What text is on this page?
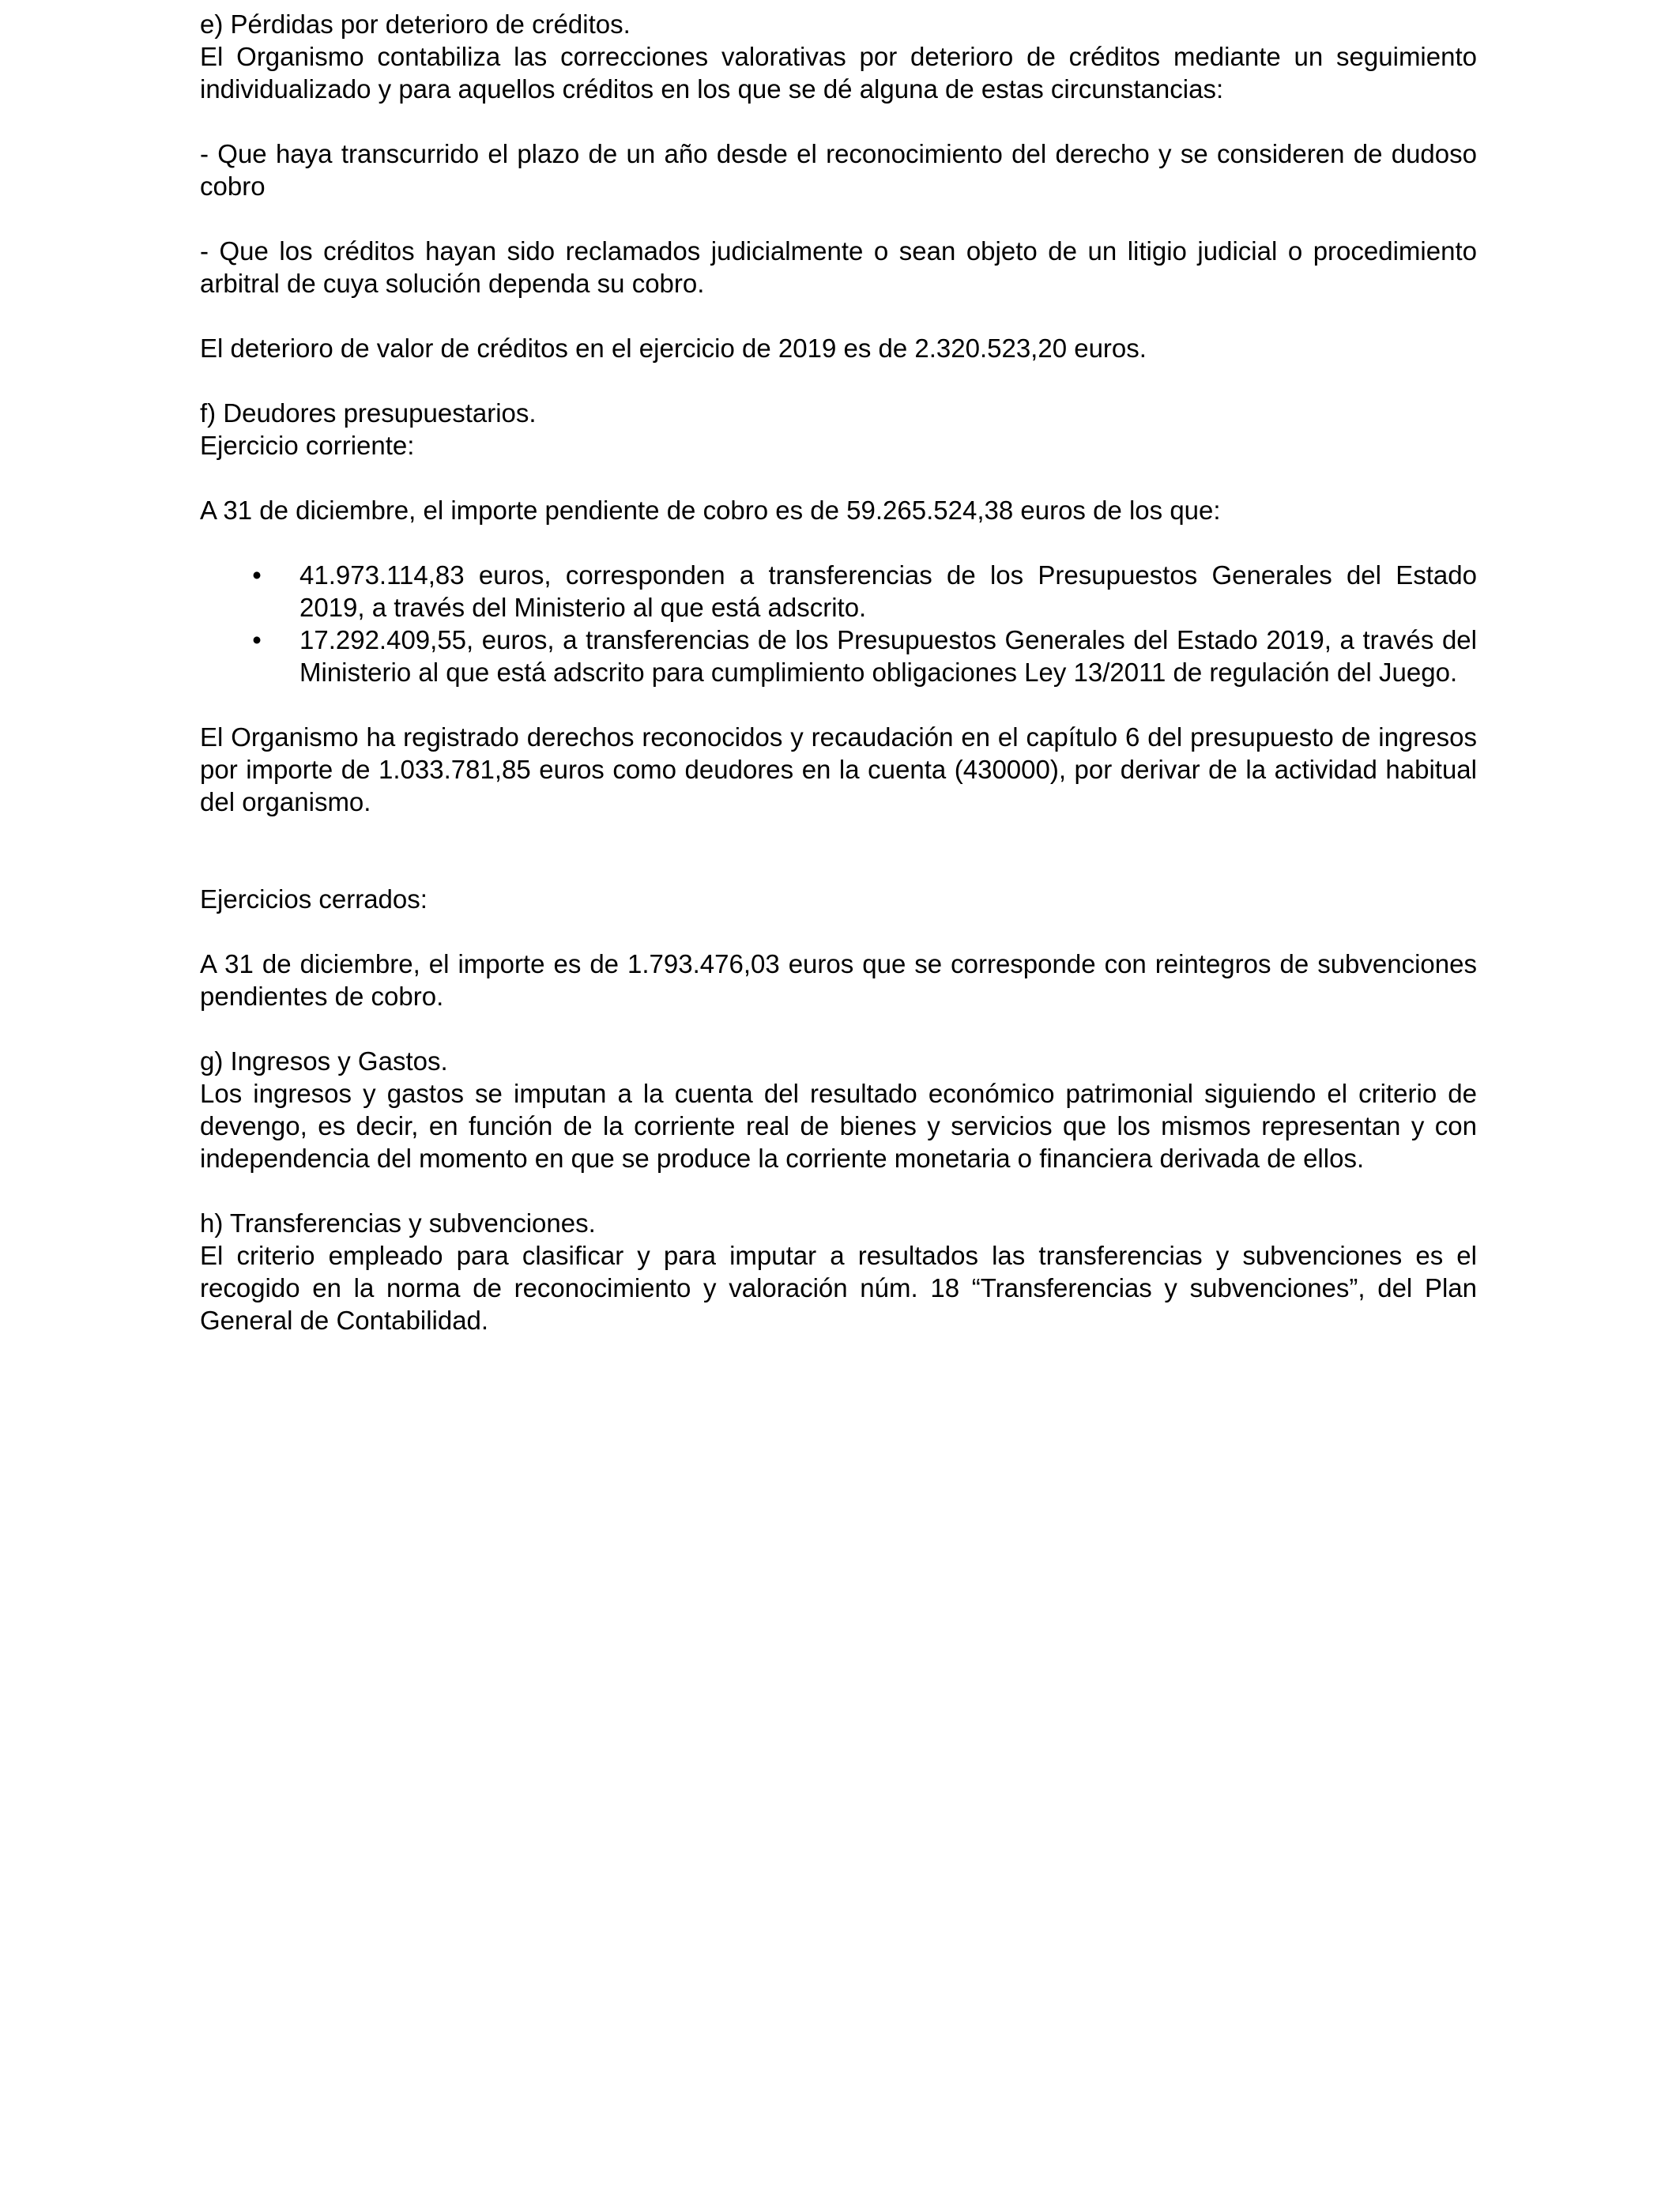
e) Pérdidas por deterioro de créditos.

El Organismo contabiliza las correcciones valorativas por deterioro de créditos mediante un seguimiento individualizado y para aquellos créditos en los que se dé alguna de estas circunstancias:

- Que haya transcurrido el plazo de un año desde el reconocimiento del derecho y se consideren de dudoso cobro

- Que los créditos hayan sido reclamados judicialmente o sean objeto de un litigio judicial o procedimiento arbitral de cuya solución dependa su cobro.

El deterioro de valor de créditos en el ejercicio de 2019 es de 2.320.523,20 euros.

f) Deudores presupuestarios.

Ejercicio corriente:

A 31 de diciembre, el importe pendiente de cobro es de 59.265.524,38 euros de los que:

• 41.973.114,83 euros, corresponden a transferencias de los Presupuestos Generales del Estado 2019, a través del Ministerio al que está adscrito.
• 17.292.409,55, euros, a transferencias de los Presupuestos Generales del Estado 2019, a través del Ministerio al que está adscrito para cumplimiento obligaciones Ley 13/2011 de regulación del Juego.

El Organismo ha registrado derechos reconocidos y recaudación en el capítulo 6 del presupuesto de ingresos por importe de 1.033.781,85 euros como deudores en la cuenta (430000), por derivar de la actividad habitual del organismo.

Ejercicios cerrados:

A 31 de diciembre, el importe es de 1.793.476,03 euros que se corresponde con reintegros de subvenciones pendientes de cobro.

g) Ingresos y Gastos.

Los ingresos y gastos se imputan a la cuenta del resultado económico patrimonial siguiendo el criterio de devengo, es decir, en función de la corriente real de bienes y servicios que los mismos representan y con independencia del momento en que se produce la corriente monetaria o financiera derivada de ellos.

h) Transferencias y subvenciones.

El criterio empleado para clasificar y para imputar a resultados las transferencias y subvenciones es el recogido en la norma de reconocimiento y valoración núm. 18 “Transferencias y subvenciones”, del Plan General de Contabilidad.
